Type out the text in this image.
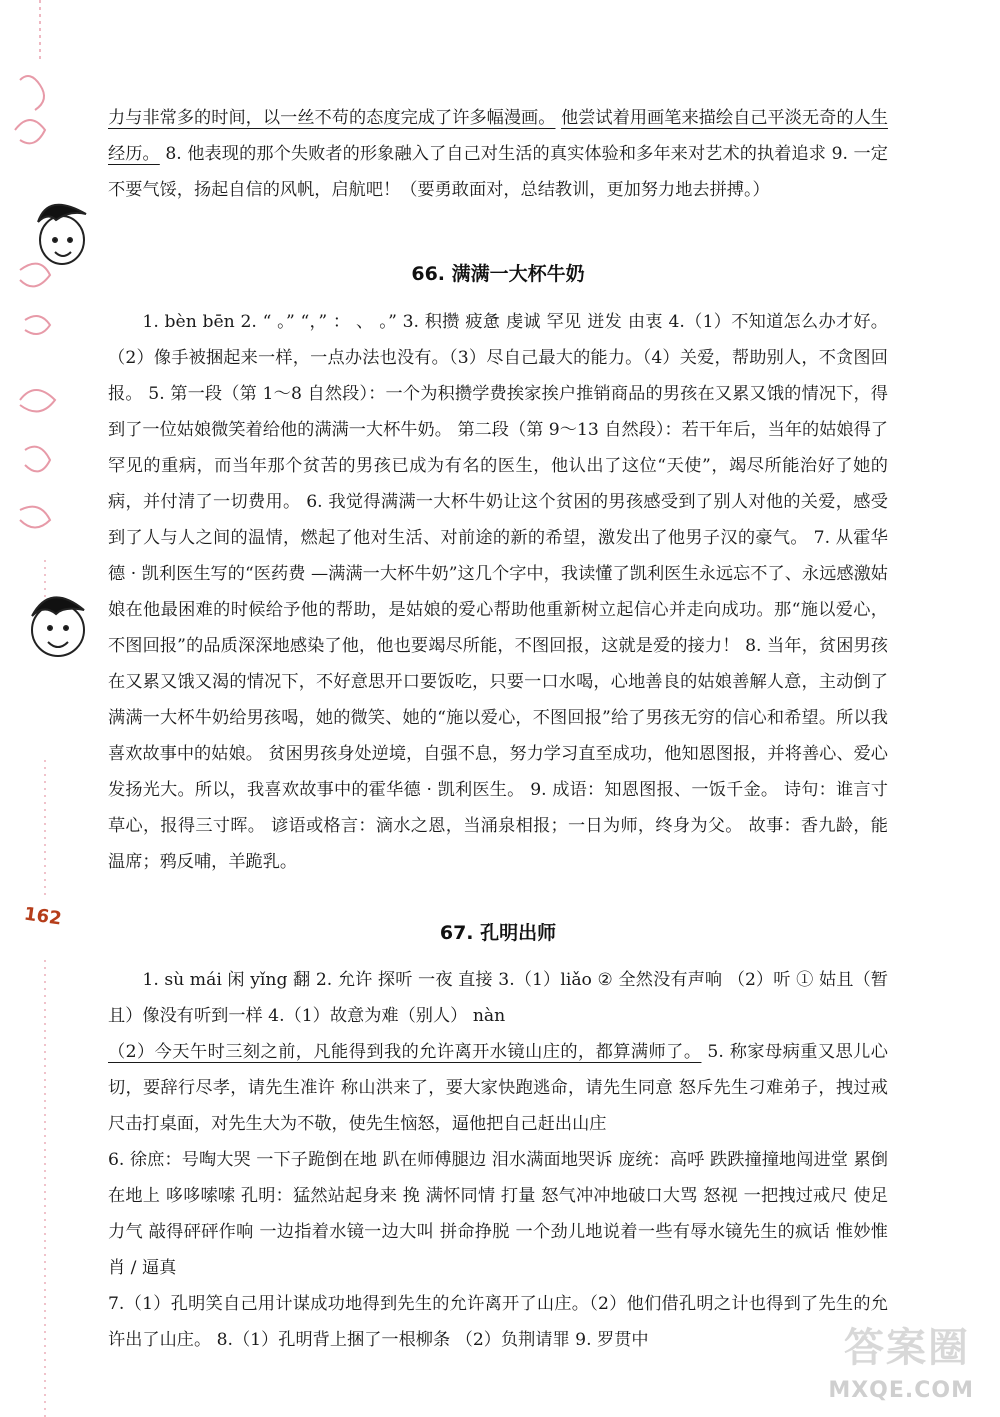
162

力与非常多的时间，以一丝不苟的态度完成了许多幅漫画。 他尝试着用画笔来描绘自己平淡无奇的人生经历。 8. 他表现的那个失败者的形象融入了自己对生活的真实体验和多年来对艺术的执着追求 9. 一定不要气馁，扬起自信的风帆，启航吧！（要勇敢面对，总结教训，更加努力地去拼搏。）

66. 满满一大杯牛奶

1. bèn bēn 2. “ 。” “，” ： 、 。” 3. 积攒 疲惫 虔诚 罕见 迸发 由衷 4.（1）不知道怎么办才好。（2）像手被捆起来一样，一点办法也没有。（3）尽自己最大的能力。（4）关爱，帮助别人，不贪图回报。 5. 第一段（第 1～8 自然段）：一个为积攒学费挨家挨户推销商品的男孩在又累又饿的情况下，得到了一位姑娘微笑着给他的满满一大杯牛奶。 第二段（第 9～13 自然段）：若干年后，当年的姑娘得了罕见的重病，而当年那个贫苦的男孩已成为有名的医生，他认出了这位“天使”，竭尽所能治好了她的病，并付清了一切费用。 6. 我觉得满满一大杯牛奶让这个贫困的男孩感受到了别人对他的关爱，感受到了人与人之间的温情，燃起了他对生活、对前途的新的希望，激发出了他男子汉的豪气。 7. 从霍华德 · 凯利医生写的“医药费 —满满一大杯牛奶”这几个字中，我读懂了凯利医生永远忘不了、永远感激姑娘在他最困难的时候给予他的帮助，是姑娘的爱心帮助他重新树立起信心并走向成功。那“施以爱心，不图回报”的品质深深地感染了他，他也要竭尽所能，不图回报，这就是爱的接力！ 8. 当年，贫困男孩在又累又饿又渴的情况下，不好意思开口要饭吃，只要一口水喝，心地善良的姑娘善解人意，主动倒了满满一大杯牛奶给男孩喝，她的微笑、她的“施以爱心，不图回报”给了男孩无穷的信心和希望。所以我喜欢故事中的姑娘。 贫困男孩身处逆境，自强不息，努力学习直至成功，他知恩图报，并将善心、爱心发扬光大。所以，我喜欢故事中的霍华德 · 凯利医生。 9. 成语：知恩图报、一饭千金。 诗句：谁言寸草心，报得三寸晖。 谚语或格言：滴水之恩，当涌泉相报；一日为师，终身为父。 故事：香九龄，能温席；鸦反哺，羊跪乳。

67. 孔明出师

1. sù mái 闲 yǐng 翻 2. 允许 探听 一夜 直接 3.（1）liǎo ② 全然没有声响 （2）听 ① 姑且（暂且）像没有听到一样 4.（1）故意为难（别人） nàn

（2）今天午时三刻之前，凡能得到我的允许离开水镜山庄的，都算满师了。 5. 称家母病重又思儿心切，要辞行尽孝，请先生准许 称山洪来了，要大家快跑逃命，请先生同意 怒斥先生刁难弟子，拽过戒尺击打桌面，对先生大为不敬，使先生恼怒，逼他把自己赶出山庄

6. 徐庶：号啕大哭 一下子跪倒在地 趴在师傅腿边 泪水满面地哭诉 庞统：高呼 跌跌撞撞地闯进堂 累倒在地上 哆哆嗦嗦 孔明：猛然站起身来 挽 满怀同情 打量 怒气冲冲地破口大骂 怒视 一把拽过戒尺 使足力气 敲得砰砰作响 一边指着水镜一边大叫 拼命挣脱 一个劲儿地说着一些有辱水镜先生的疯话 惟妙惟肖 / 逼真

7.（1）孔明笑自己用计谋成功地得到先生的允许离开了山庄。（2）他们借孔明之计也得到了先生的允许出了山庄。 8.（1）孔明背上捆了一根柳条 （2）负荆请罪 9. 罗贯中	答案圈
MXQE.COM
